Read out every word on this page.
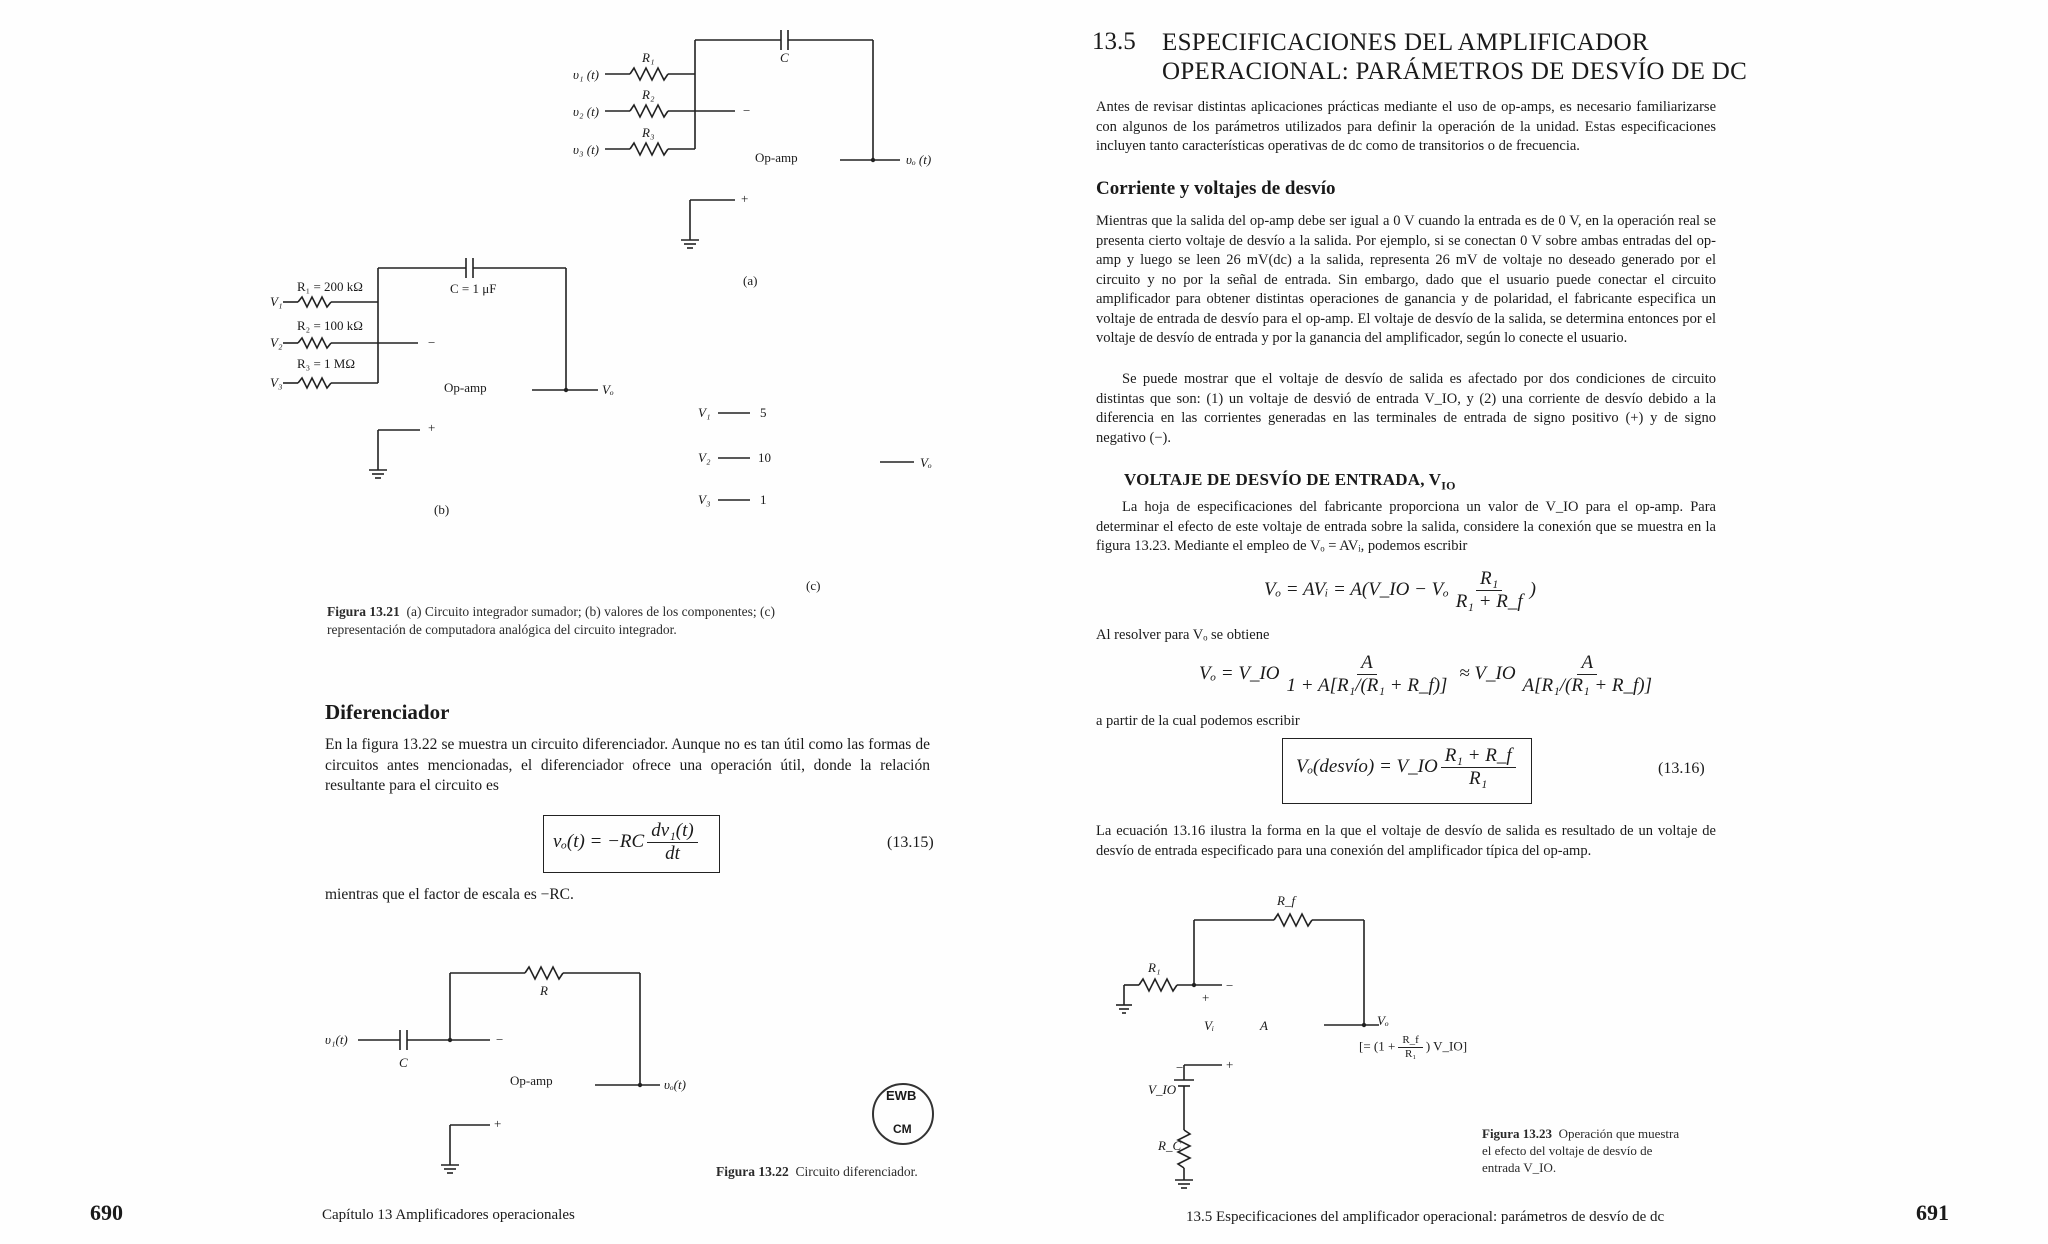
υ₁ (t)
υ₂ (t)
υ₃ (t)
R₁
R₂
R₃
C
−
Op-amp
+
υₒ (t)
(a)
V₁
V₂
V₃
R₁ = 200 kΩ
R₂ = 100 kΩ
R₃ = 1 MΩ
C = 1 μF
−
Op-amp
+
Vₒ
(b)
V₁	5
V₂	10
V₃	1
Vₒ
(c)
Figura 13.21 (a) Circuito integrador sumador; (b) valores de los componentes; (c) representación de computadora analógica del circuito integrador.
Diferenciador
En la figura 13.22 se muestra un circuito diferenciador. Aunque no es tan útil como las formas de circuitos antes mencionadas, el diferenciador ofrece una operación útil, donde la relación resultante para el circuito es
$v_o(t) = -RC \frac{\text{dv₁(t)}}{dt}$	(13.15)
mientras que el factor de escala es −RC.
υ₁(t)
C
R
−
Op-amp
+
υₒ(t)
EWB
CM
Figura 13.22 Circuito diferenciador.
690	Capítulo 13 Amplificadores operacionales
13.5 ESPECIFICACIONES DEL AMPLIFICADOR
OPERACIONAL: PARÁMETROS DE DESVÍO DE DC
Antes de revisar distintas aplicaciones prácticas mediante el uso de op-amps, es necesario familiarizarse con algunos de los parámetros utilizados para definir la operación de la unidad. Estas especificaciones incluyen tanto características operativas de dc como de transitorios o de frecuencia.
Corriente y voltajes de desvío
Mientras que la salida del op-amp debe ser igual a 0 V cuando la entrada es de 0 V, en la operación real se presenta cierto voltaje de desvío a la salida. Por ejemplo, si se conectan 0 V sobre ambas entradas del op-amp y luego se leen 26 mV(dc) a la salida, representa 26 mV de voltaje no deseado generado por el circuito y no por la señal de entrada. Sin embargo, dado que el usuario puede conectar el circuito amplificador para obtener distintas operaciones de ganancia y de polaridad, el fabricante especifica un voltaje de entrada de desvío para el op-amp. El voltaje de desvío de la salida, se determina entonces por el voltaje de desvío de entrada y por la ganancia del amplificador, según lo conecte el usuario.
Se puede mostrar que el voltaje de desvío de salida es afectado por dos condiciones de circuito distintas que son: (1) un voltaje de desvió de entrada V_IO, y (2) una corriente de desvío debido a la diferencia en las corrientes generadas en las terminales de entrada de signo positivo (+) y de signo negativo (−).
VOLTAJE DE DESVÍO DE ENTRADA, $V_{IO}$
La hoja de especificaciones del fabricante proporciona un valor de V_IO para el op-amp. Para determinar el efecto de este voltaje de entrada sobre la salida, considere la conexión que se muestra en la figura 13.23. Mediante el empleo de Vₒ = AVᵢ, podemos escribir
Vₒ = AVᵢ = A(V_IO − Vₒ $\frac{\text{R₁}}{\text{R₁ + R\_f}}$ )
Al resolver para Vₒ se obtiene
Vₒ = V_IO $\frac{A}{\text{1 + A[R₁/(R₁ + R\_f)]}}$ ≈ V_IO $\frac{A}{\text{A[R₁/(R₁ + R\_f)]}}$
a partir de la cual podemos escribir
Vₒ(desvío) = V_IO $\frac{\text{R₁ + R\_f}}{\text{R₁}}$	(13.16)
La ecuación 13.16 ilustra la forma en la que el voltaje de desvío de salida es resultado de un voltaje de desvío de entrada especificado para una conexión del amplificador típica del op-amp.
R_f
R₁
+
−
Vᵢ	A
−	+
V_IO
R_C
Vₒ
[= ($1 + \frac{R\_f}{\text{R₁}}$ ) V_IO]
Figura 13.23 Operación que muestra el efecto del voltaje de desvío de entrada V_IO.
13.5 Especificaciones del amplificador operacional: parámetros de desvío de dc	691
